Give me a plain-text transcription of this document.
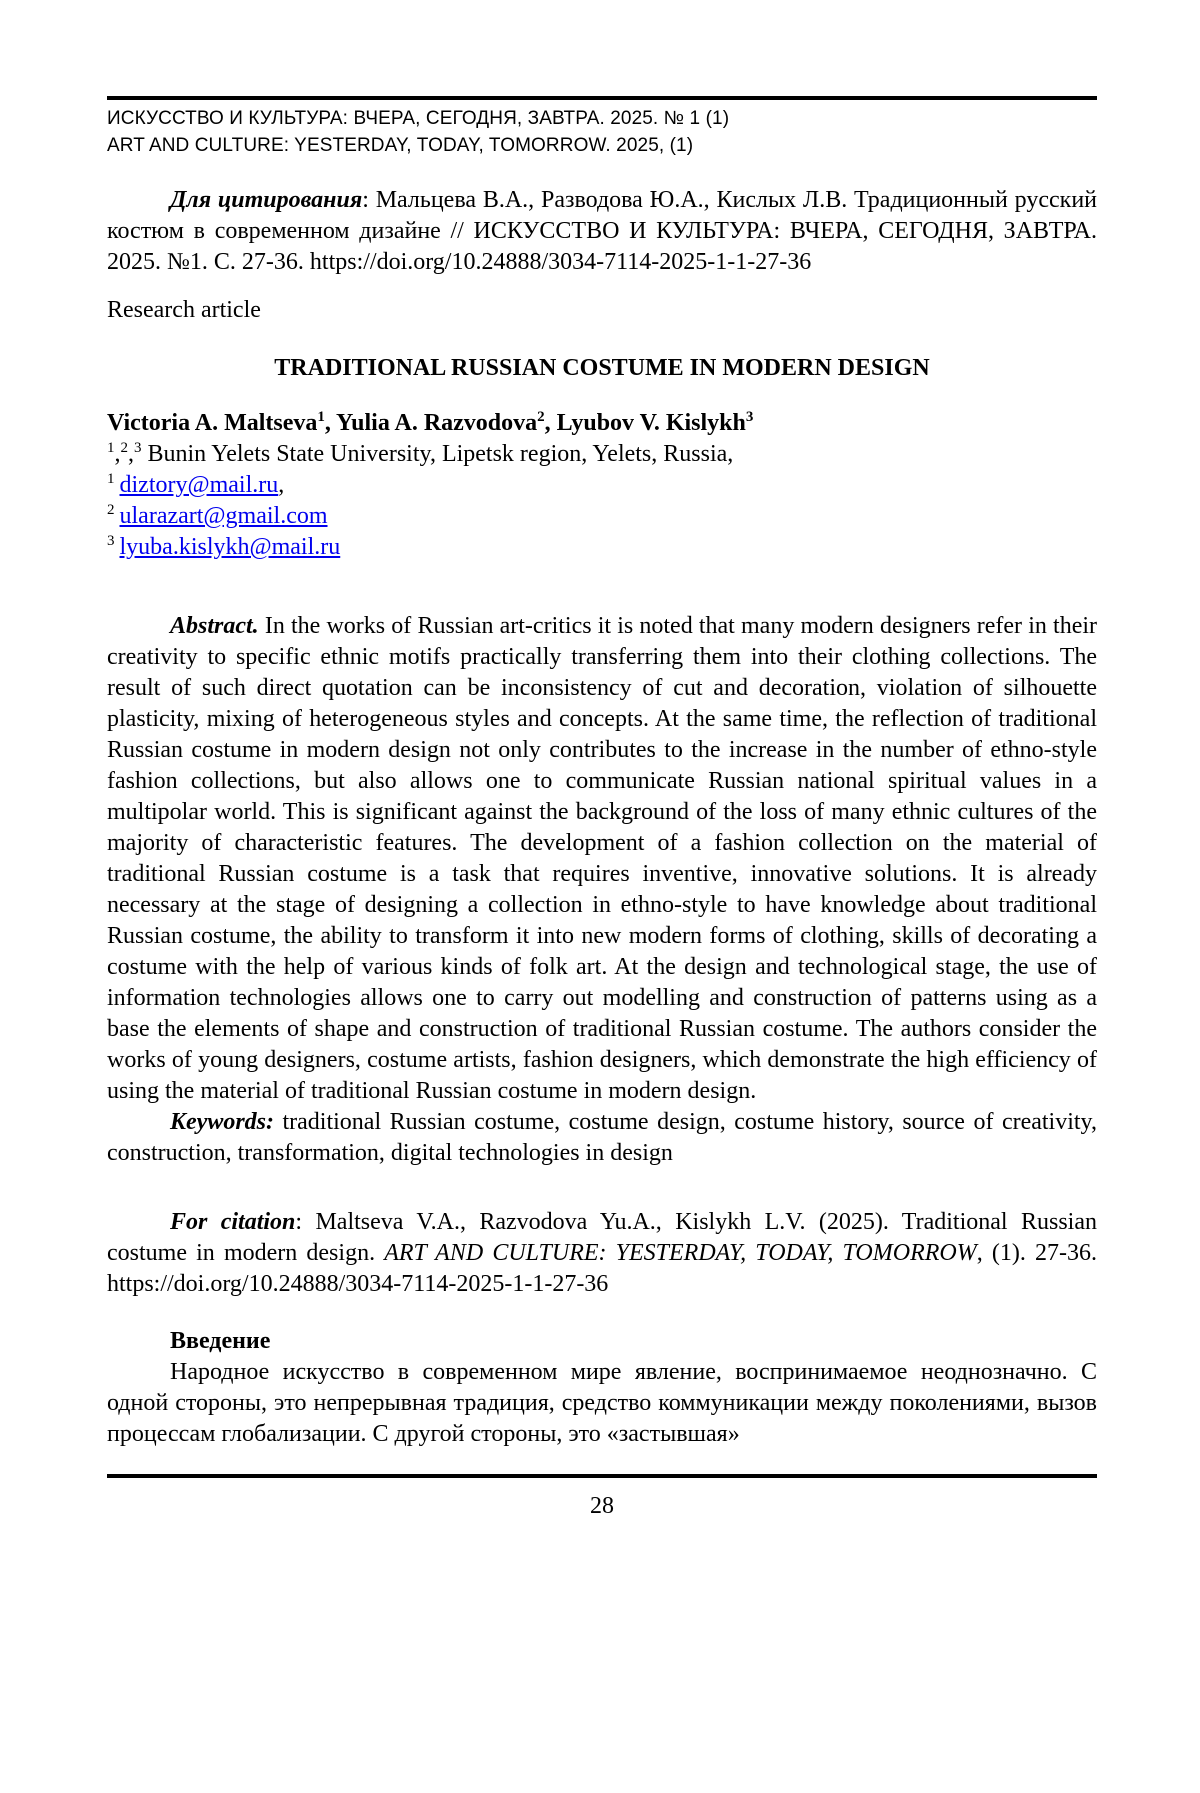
ИСКУССТВО И КУЛЬТУРА: ВЧЕРА, СЕГОДНЯ, ЗАВТРА. 2025. № 1 (1)
ART AND CULTURE: YESTERDAY, TODAY, TOMORROW. 2025, (1)

Для цитирования: Мальцева В.А., Разводова Ю.А., Кислых Л.В. Традиционный русский костюм в современном дизайне // ИСКУССТВО И КУЛЬТУРА: ВЧЕРА, СЕГОДНЯ, ЗАВТРА. 2025. №1. С. 27-36. https://doi.org/10.24888/3034-7114-2025-1-1-27-36

Research article

TRADITIONAL RUSSIAN COSTUME IN MODERN DESIGN

Victoria A. Maltseva$^1$, Yulia A. Razvodova$^2$, Lyubov V. Kislykh$^3$

$^1$,$^2$,$^3$ Bunin Yelets State University, Lipetsk region, Yelets, Russia,

$^1$ diztory@mail.ru,

$^2$ ularazart@gmail.com

$^3$ lyuba.kislykh@mail.ru

Abstract. In the works of Russian art-critics it is noted that many modern designers refer in their creativity to specific ethnic motifs practically transferring them into their clothing collections. The result of such direct quotation can be inconsistency of cut and decoration, violation of silhouette plasticity, mixing of heterogeneous styles and concepts. At the same time, the reflection of traditional Russian costume in modern design not only contributes to the increase in the number of ethno-style fashion collections, but also allows one to communicate Russian national spiritual values in a multipolar world. This is significant against the background of the loss of many ethnic cultures of the majority of characteristic features. The development of a fashion collection on the material of traditional Russian costume is a task that requires inventive, innovative solutions. It is already necessary at the stage of designing a collection in ethno-style to have knowledge about traditional Russian costume, the ability to transform it into new modern forms of clothing, skills of decorating a costume with the help of various kinds of folk art. At the design and technological stage, the use of information technologies allows one to carry out modelling and construction of patterns using as a base the elements of shape and construction of traditional Russian costume. The authors consider the works of young designers, costume artists, fashion designers, which demonstrate the high efficiency of using the material of traditional Russian costume in modern design.

Keywords: traditional Russian costume, costume design, costume history, source of creativity, construction, transformation, digital technologies in design

For citation: Maltseva V.A., Razvodova Yu.A., Kislykh L.V. (2025). Traditional Russian costume in modern design. ART AND CULTURE: YESTERDAY, TODAY, TOMORROW, (1). 27-36. https://doi.org/10.24888/3034-7114-2025-1-1-27-36

Введение

Народное искусство в современном мире явление, воспринимаемое неоднозначно. С одной стороны, это непрерывная традиция, средство коммуникации между поколениями, вызов процессам глобализации. С другой стороны, это «застывшая»

28
